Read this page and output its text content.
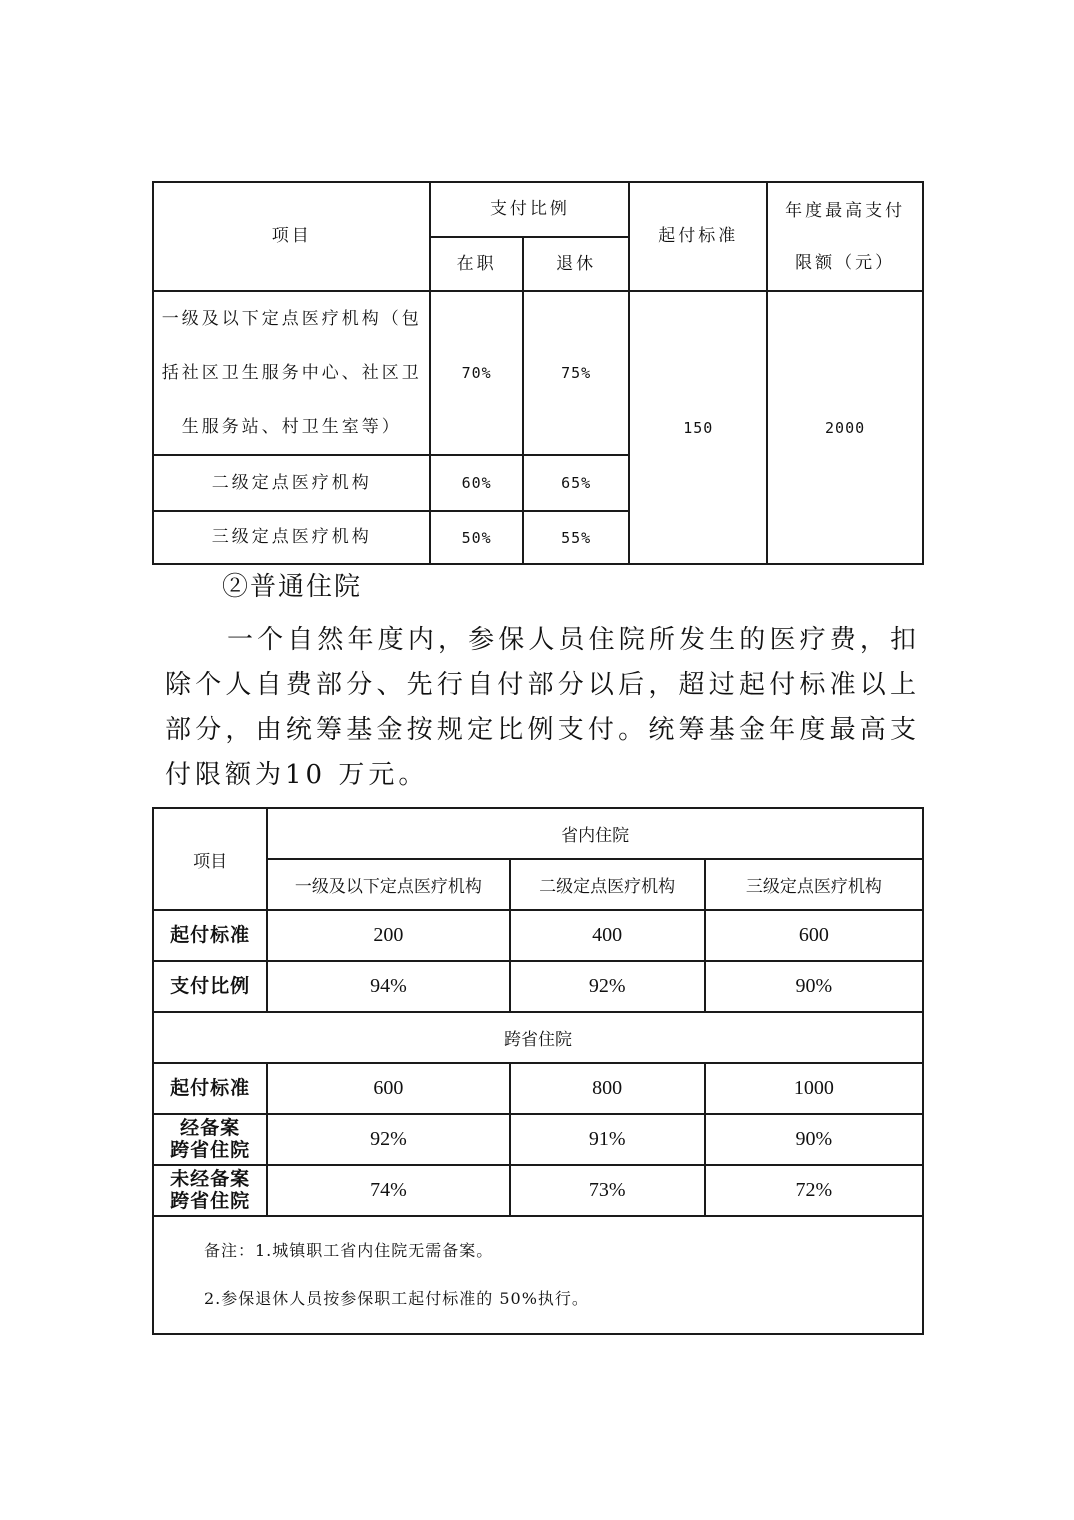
项目	支付比例		起付标准	年度最高支付
限额（元）

	在职	退休		

一级及以下定点医疗机构（包
括社区卫生服务中心、社区卫
生服务站、村卫生室等）	70%	75%	150	2000
二级定点医疗机构	60%	65%		
三级定点医疗机构	50%	55%		
②普通住院

一个自然年度内，参保人员住院所发生的医疗费，扣除个人自费部分、先行自付部分以后，超过起付标准以上部分，由统筹基金按规定比例支付。统筹基金年度最高支付限额为10 万元。

项目	省内住院		
	一级及以下定点医疗机构	二级定点医疗机构	三级定点医疗机构
起付标准	200	400	600
支付比例	94%	92%	90%
跨省住院			
起付标准	600	800	1000

经备案
跨省住院	92%	91%	90%

未经备案
跨省住院	74%	73%	72%

备注：1.城镇职工省内住院无需备案。
2.参保退休人员按参保职工起付标准的 50%执行。			
